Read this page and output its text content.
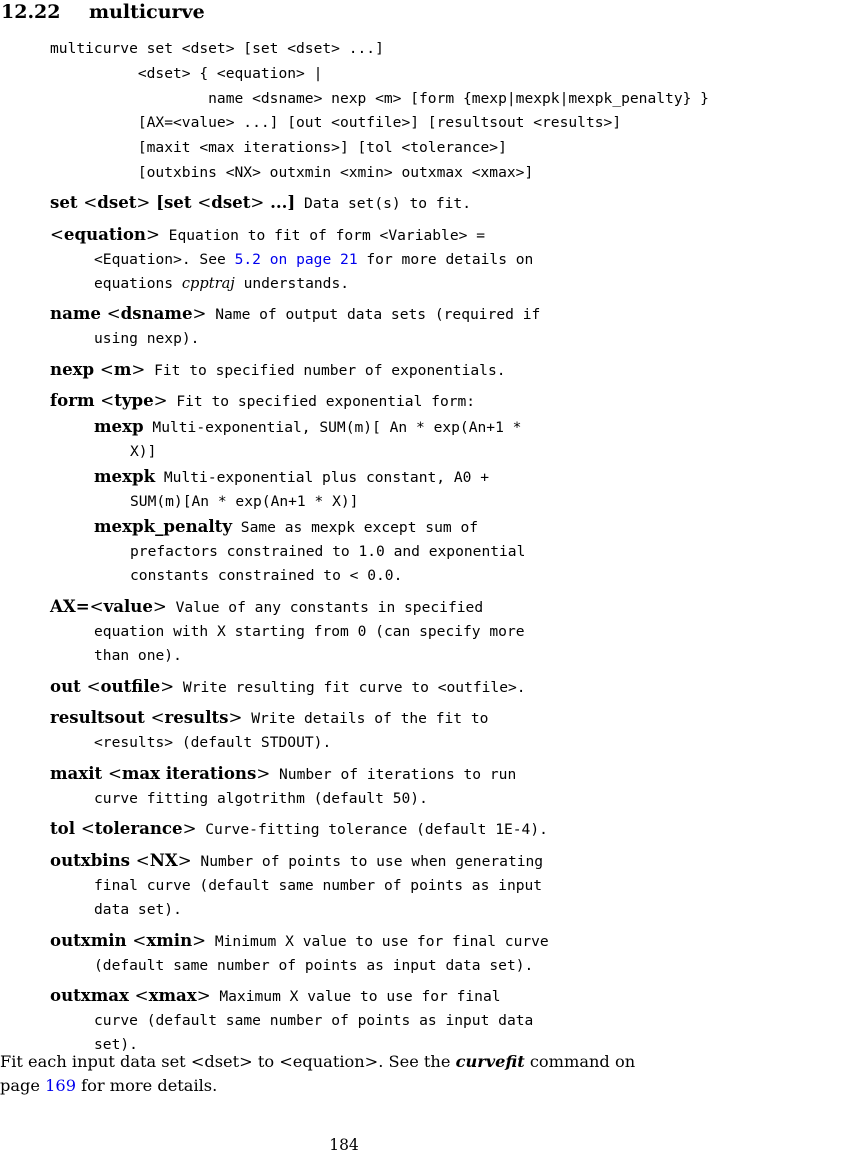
12.22 multicurve
multicurve set <dset> [set <dset> ...]
<dset> { <equation> |
name <dsname> nexp <m> [form {mexp|mexpk|mexpk_penalty} }
[AX=<value> ...] [out <outfile>] [resultsout <results>]
[maxit <max iterations>] [tol <tolerance>]
[outxbins <NX> outxmin <xmin> outxmax <xmax>]

set <dset> [set <dset> ...] Data set(s) to fit.

<equation> Equation to fit of form <Variable> =
<Equation>. See 5.2 on page 21 for more details on
equations cpptraj understands.

name <dsname> Name of output data sets (required if
using nexp).

nexp <m> Fit to specified number of exponentials.

form <type> Fit to specified exponential form:

mexp Multi-exponential, SUM(m)[ An * exp(An+1 *
X)]

mexpk Multi-exponential plus constant, A0 +
SUM(m)[An * exp(An+1 * X)]

mexpk_penalty Same as mexpk except sum of
prefactors constrained to 1.0 and exponential
constants constrained to < 0.0.

AX=<value> Value of any constants in specified
equation with X starting from 0 (can specify more
than one).

out <outfile> Write resulting fit curve to <outfile>.

resultsout <results> Write details of the fit to
<results> (default STDOUT).

maxit <max iterations> Number of iterations to run
curve fitting algotrithm (default 50).

tol <tolerance> Curve-fitting tolerance (default 1E-4).

outxbins <NX> Number of points to use when generating
final curve (default same number of points as input
data set).

outxmin <xmin> Minimum X value to use for final curve
(default same number of points as input data set).

outxmax <xmax> Maximum X value to use for final
curve (default same number of points as input data
set).

Fit each input data set <dset> to <equation>. See the curvefit command on
page 169 for more details.

184
